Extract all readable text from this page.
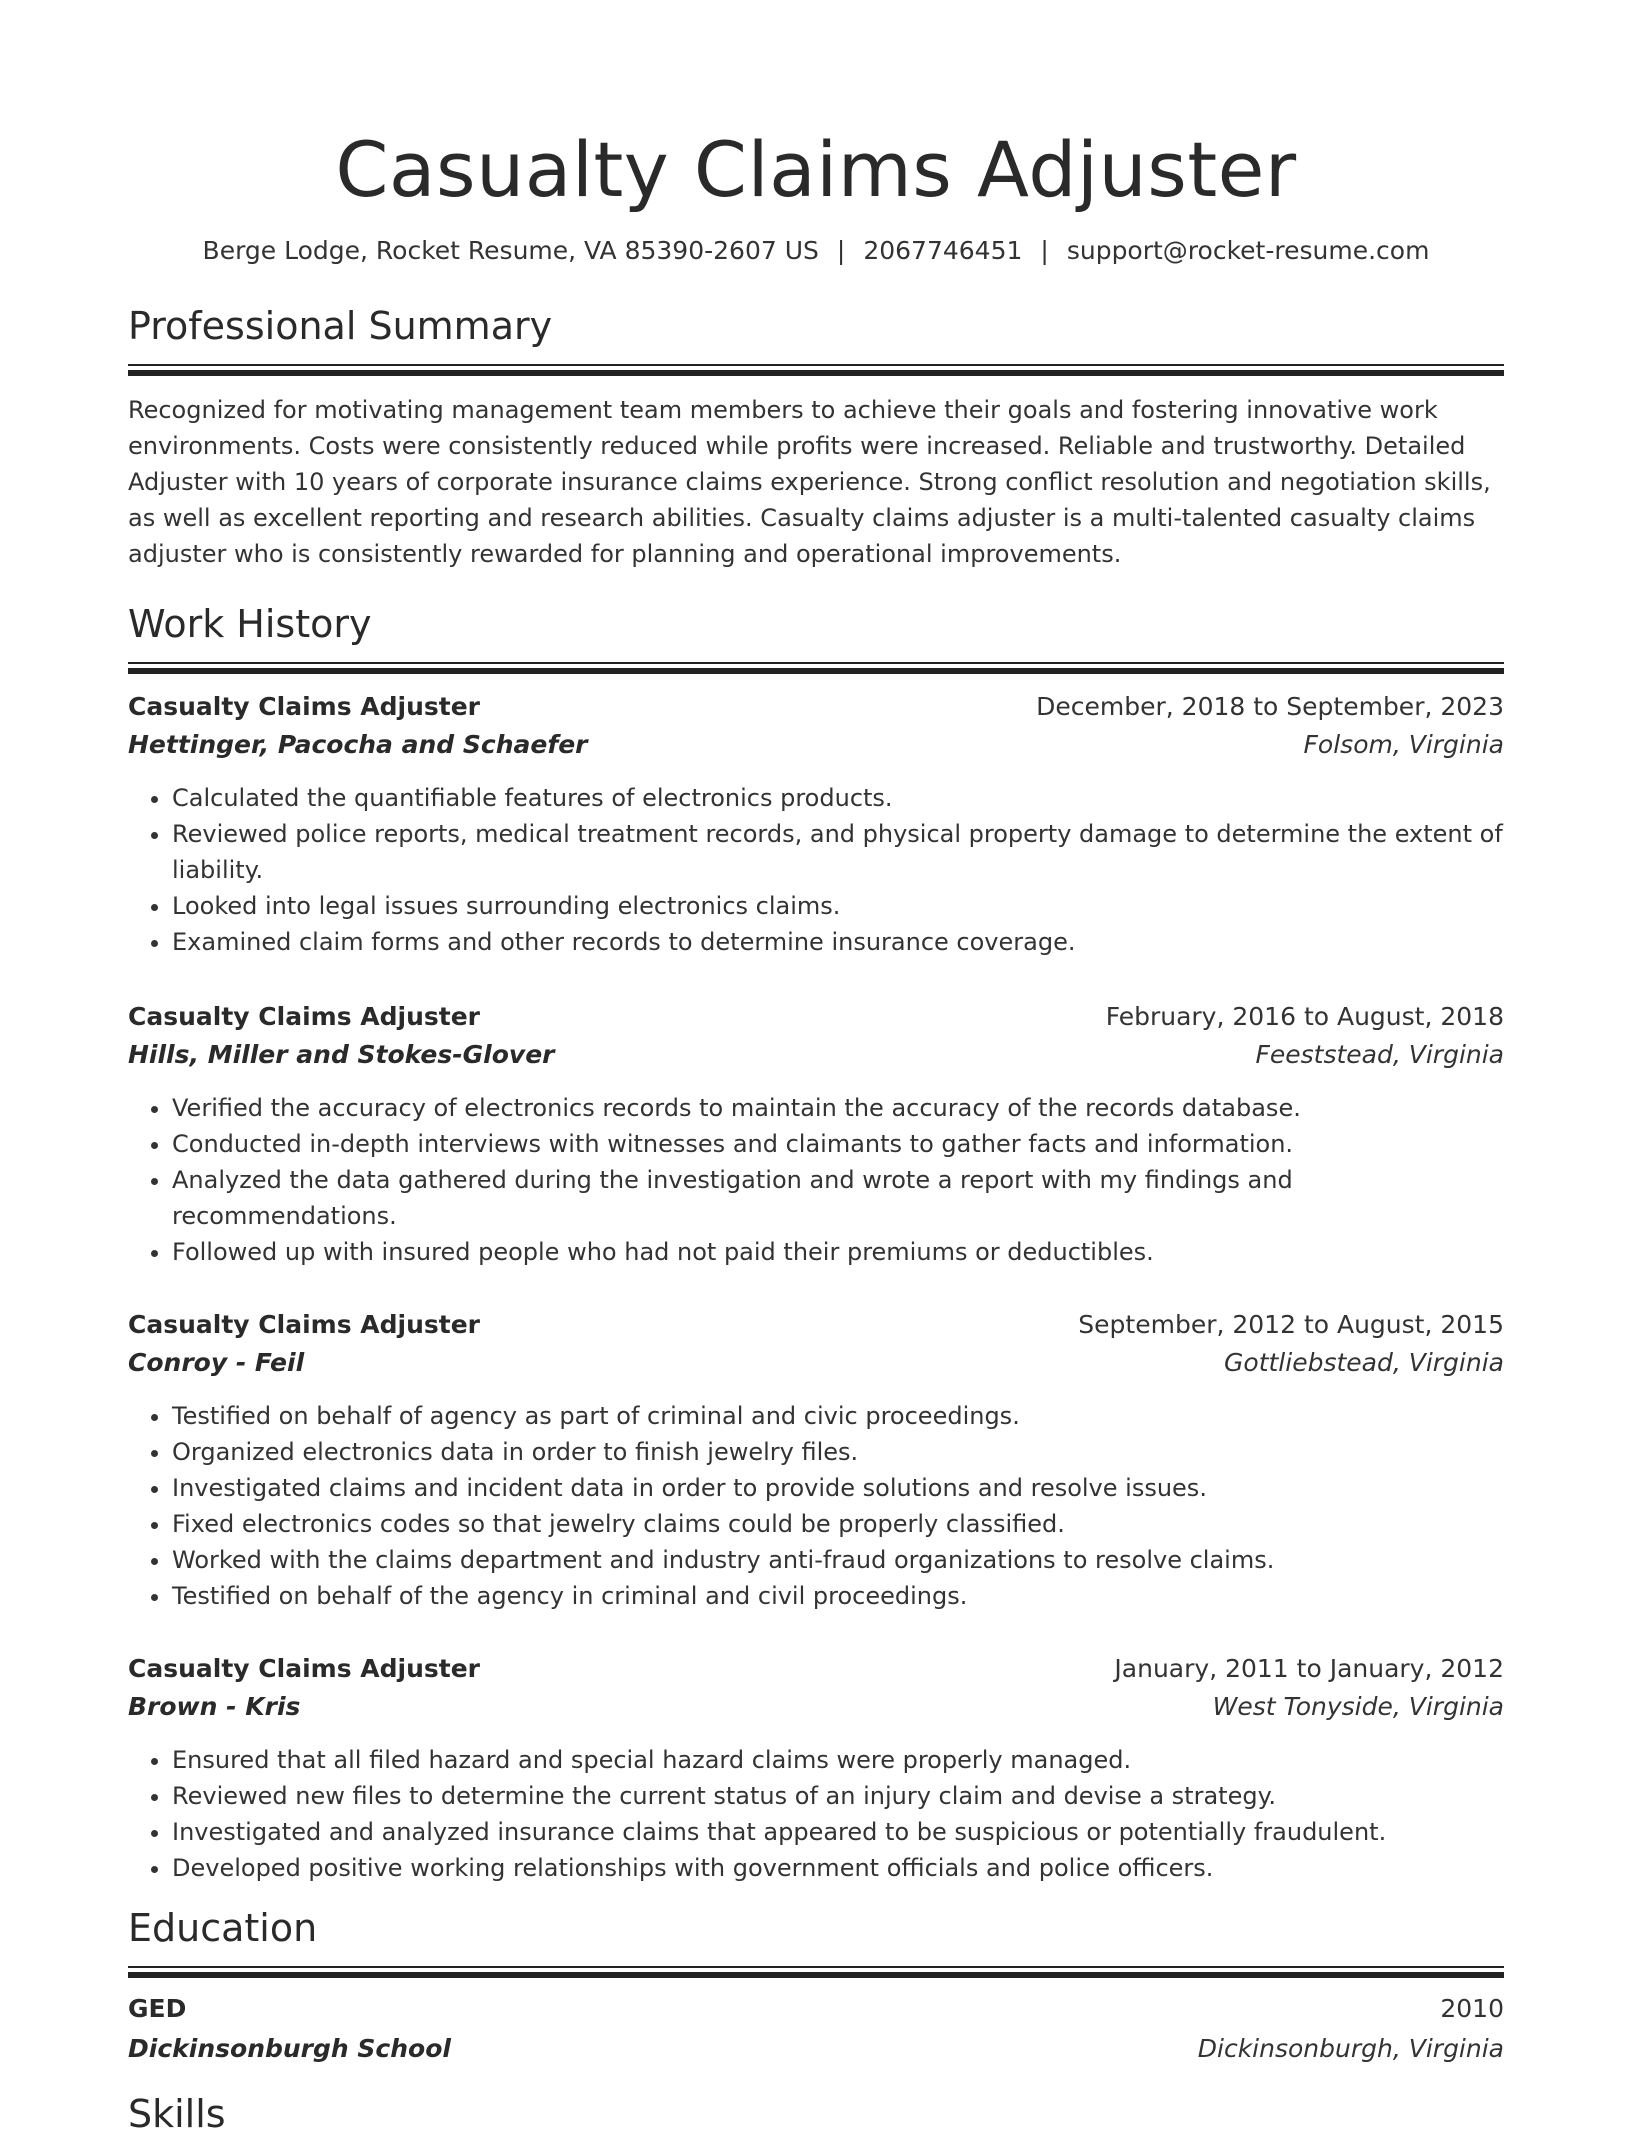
Casualty Claims Adjuster
Berge Lodge, Rocket Resume, VA 85390-2607 US | 2067746451 | support@rocket-resume.com
Professional Summary

Recognized for motivating management team members to achieve their goals and fostering innovative work environments. Costs were consistently reduced while profits were increased. Reliable and trustworthy. Detailed Adjuster with 10 years of corporate insurance claims experience. Strong conflict resolution and negotiation skills, as well as excellent reporting and research abilities. Casualty claims adjuster is a multi-talented casualty claims adjuster who is consistently rewarded for planning and operational improvements.

Work History
Casualty Claims Adjuster	December, 2018 to September, 2023
Hettinger, Pacocha and Schaefer	Folsom, Virginia
• Calculated the quantifiable features of electronics products.
• Reviewed police reports, medical treatment records, and physical property damage to determine the extent of liability.
• Looked into legal issues surrounding electronics claims.
• Examined claim forms and other records to determine insurance coverage.
Casualty Claims Adjuster	February, 2016 to August, 2018
Hills, Miller and Stokes-Glover	Feeststead, Virginia
• Verified the accuracy of electronics records to maintain the accuracy of the records database.
• Conducted in-depth interviews with witnesses and claimants to gather facts and information.
• Analyzed the data gathered during the investigation and wrote a report with my findings and recommendations.
• Followed up with insured people who had not paid their premiums or deductibles.
Casualty Claims Adjuster	September, 2012 to August, 2015
Conroy - Feil	Gottliebstead, Virginia
• Testified on behalf of agency as part of criminal and civic proceedings.
• Organized electronics data in order to finish jewelry files.
• Investigated claims and incident data in order to provide solutions and resolve issues.
• Fixed electronics codes so that jewelry claims could be properly classified.
• Worked with the claims department and industry anti-fraud organizations to resolve claims.
• Testified on behalf of the agency in criminal and civil proceedings.
Casualty Claims Adjuster	January, 2011 to January, 2012
Brown - Kris	West Tonyside, Virginia
• Ensured that all filed hazard and special hazard claims were properly managed.
• Reviewed new files to determine the current status of an injury claim and devise a strategy.
• Investigated and analyzed insurance claims that appeared to be suspicious or potentially fraudulent.
• Developed positive working relationships with government officials and police officers.
Education
GED	2010
Dickinsonburgh School	Dickinsonburgh, Virginia
Skills
